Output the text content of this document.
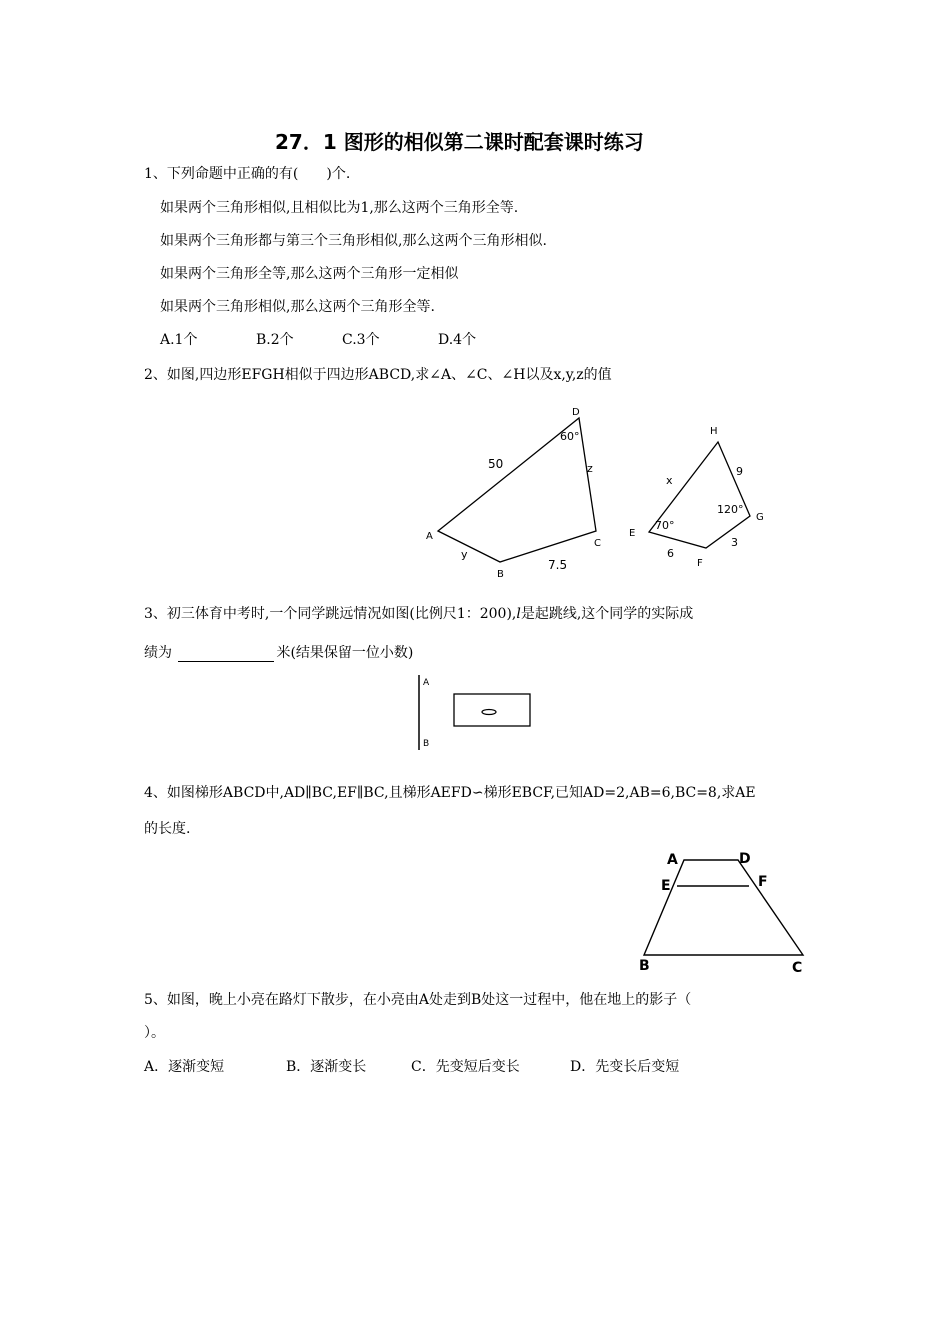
27．1 图形的相似第二课时配套课时练习
1、下列命题中正确的有(　　)个.
如果两个三角形相似,且相似比为1,那么这两个三角形全等.
如果两个三角形都与第三个三角形相似,那么这两个三角形相似.
如果两个三角形全等,那么这两个三角形一定相似
如果两个三角形相似,那么这两个三角形全等.
A.1个	B.2个	C.3个	D.4个
2、如图,四边形EFGH相似于四边形ABCD,求∠A、∠C、∠H以及x,y,z的值
D
A
B
C
50	z
y
7.5
60°	H
E
F
G
x
9
3
6
70°
120°
3、初三体育中考时,一个同学跳远情况如图(比例尺1：200),l是起跳线,这个同学的实际成
绩为	米(结果保留一位小数)
A
B
4、如图梯形ABCD中,AD∥BC,EF∥BC,且梯形AEFD∽梯形EBCF,已知AD=2,AB=6,BC=8,求AE
的长度.
A	D
E	F
B	C
5、如图，晚上小亮在路灯下散步，在小亮由A处走到B处这一过程中，他在地上的影子（
）。
A．逐渐变短	B．逐渐变长	C．先变短后变长	D．先变长后变短
